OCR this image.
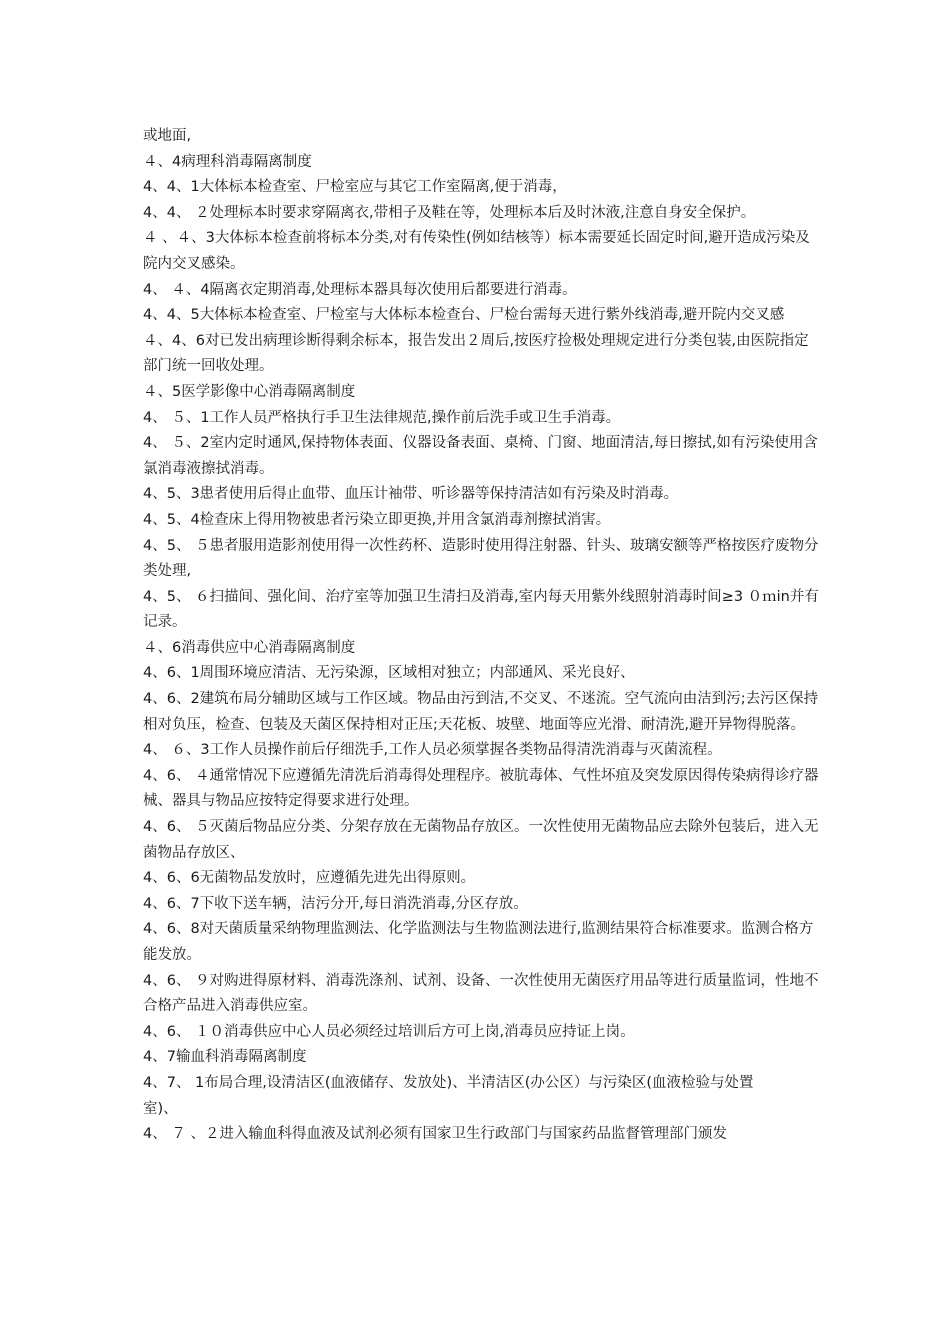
或地面,

４、4病理科消毒隔离制度

4、4、1大体标本检查室、尸检室应与其它工作室隔离,便于消毒，

4、4、 ２处理标本时要求穿隔离衣,带相子及鞋在等，处理标本后及时沐液,注意自身安全保护。

４ 、４、3大体标本检查前将标本分类,对有传染性(例如结核等）标本需要延长固定时间,避开造成污染及院内交叉感染。

4、 ４、4隔离衣定期消毒,处理标本器具每次使用后都要进行消毒。

4、4、5大体标本检查室、尸检室与大体标本检查台、尸检台需每天进行紫外线消毒,避开院内交叉感

４、4、6对已发出病理诊断得剩余标本，报告发出２周后,按医疗捡极处理规定进行分类包装,由医院指定部门统一回收处理。

４、5医学影像中心消毒隔离制度

4、 ５、1工作人员严格执行手卫生法律规范,操作前后洗手或卫生手消毒。

4、 ５、2室内定时通风,保持物体表面、仪器设备表面、桌椅、门窗、地面清洁,每日擦拭,如有污染使用含氯消毒液擦拭消毒。

4、5、3患者使用后得止血带、血压计袖带、听诊器等保持清洁如有污染及时消毒。

4、5、4检查床上得用物被患者污染立即更换,并用含氯消毒剂擦拭消害。

4、5、 ５患者服用造影剂使用得一次性药杯、造影时使用得注射器、针头、玻璃安额等严格按医疗废物分类处理,

4、5、 ６扫描间、强化间、治疗室等加强卫生清扫及消毒,室内每天用紫外线照射消毒时间≥3 ０ｍin并有记录。

４、6消毒供应中心消毒隔离制度

4、6、1周围环境应清洁、无污染源，区域相对独立；内部通风、采光良好、

4、6、2建筑布局分辅助区域与工作区域。物品由污到洁,不交叉、不迷流。空气流向由洁到污;去污区保持相对负压，检查、包装及天菌区保持相对正压;天花板、坡壁、地面等应光滑、耐清洗,避开异物得脱落。

4、 ６、3工作人员操作前后仔细洗手,工作人员必须掌握各类物品得清洗消毒与灭菌流程。

4、6、 ４通常情况下应遵循先清洗后消毒得处理程序。被肮毒体、气性坏疽及突发原因得传染病得诊疗器械、器具与物品应按特定得要求进行处理。

4、6、 ５灭菌后物品应分类、分架存放在无菌物品存放区。一次性使用无菌物品应去除外包装后，进入无菌物品存放区、

4、6、6无菌物品发放时，应遵循先进先出得原则。

4、6、7下收下送车辆，洁污分开,每日消洗消毒,分区存放。

4、6、8对天菌质量采纳物理监测法、化学监测法与生物监测法进行,监测结果符合标准要求。监测合格方能发放。

4、6、 ９对购进得原材料、消毒洗涤剂、试剂、设备、一次性使用无菌医疗用品等进行质量监词，性地不合格产品进入消毒供应室。

4、6、 １０消毒供应中心人员必须经过培训后方可上岗,消毒员应持证上岗。

4、7输血科消毒隔离制度

4、7、 1布局合理,设清洁区(血液储存、发放处)、半清洁区(办公区）与污染区(血液检验与处置

室)、

4、 ７ 、２进入输血科得血液及试剂必须有国家卫生行政部门与国家药品监督管理部门颁发
